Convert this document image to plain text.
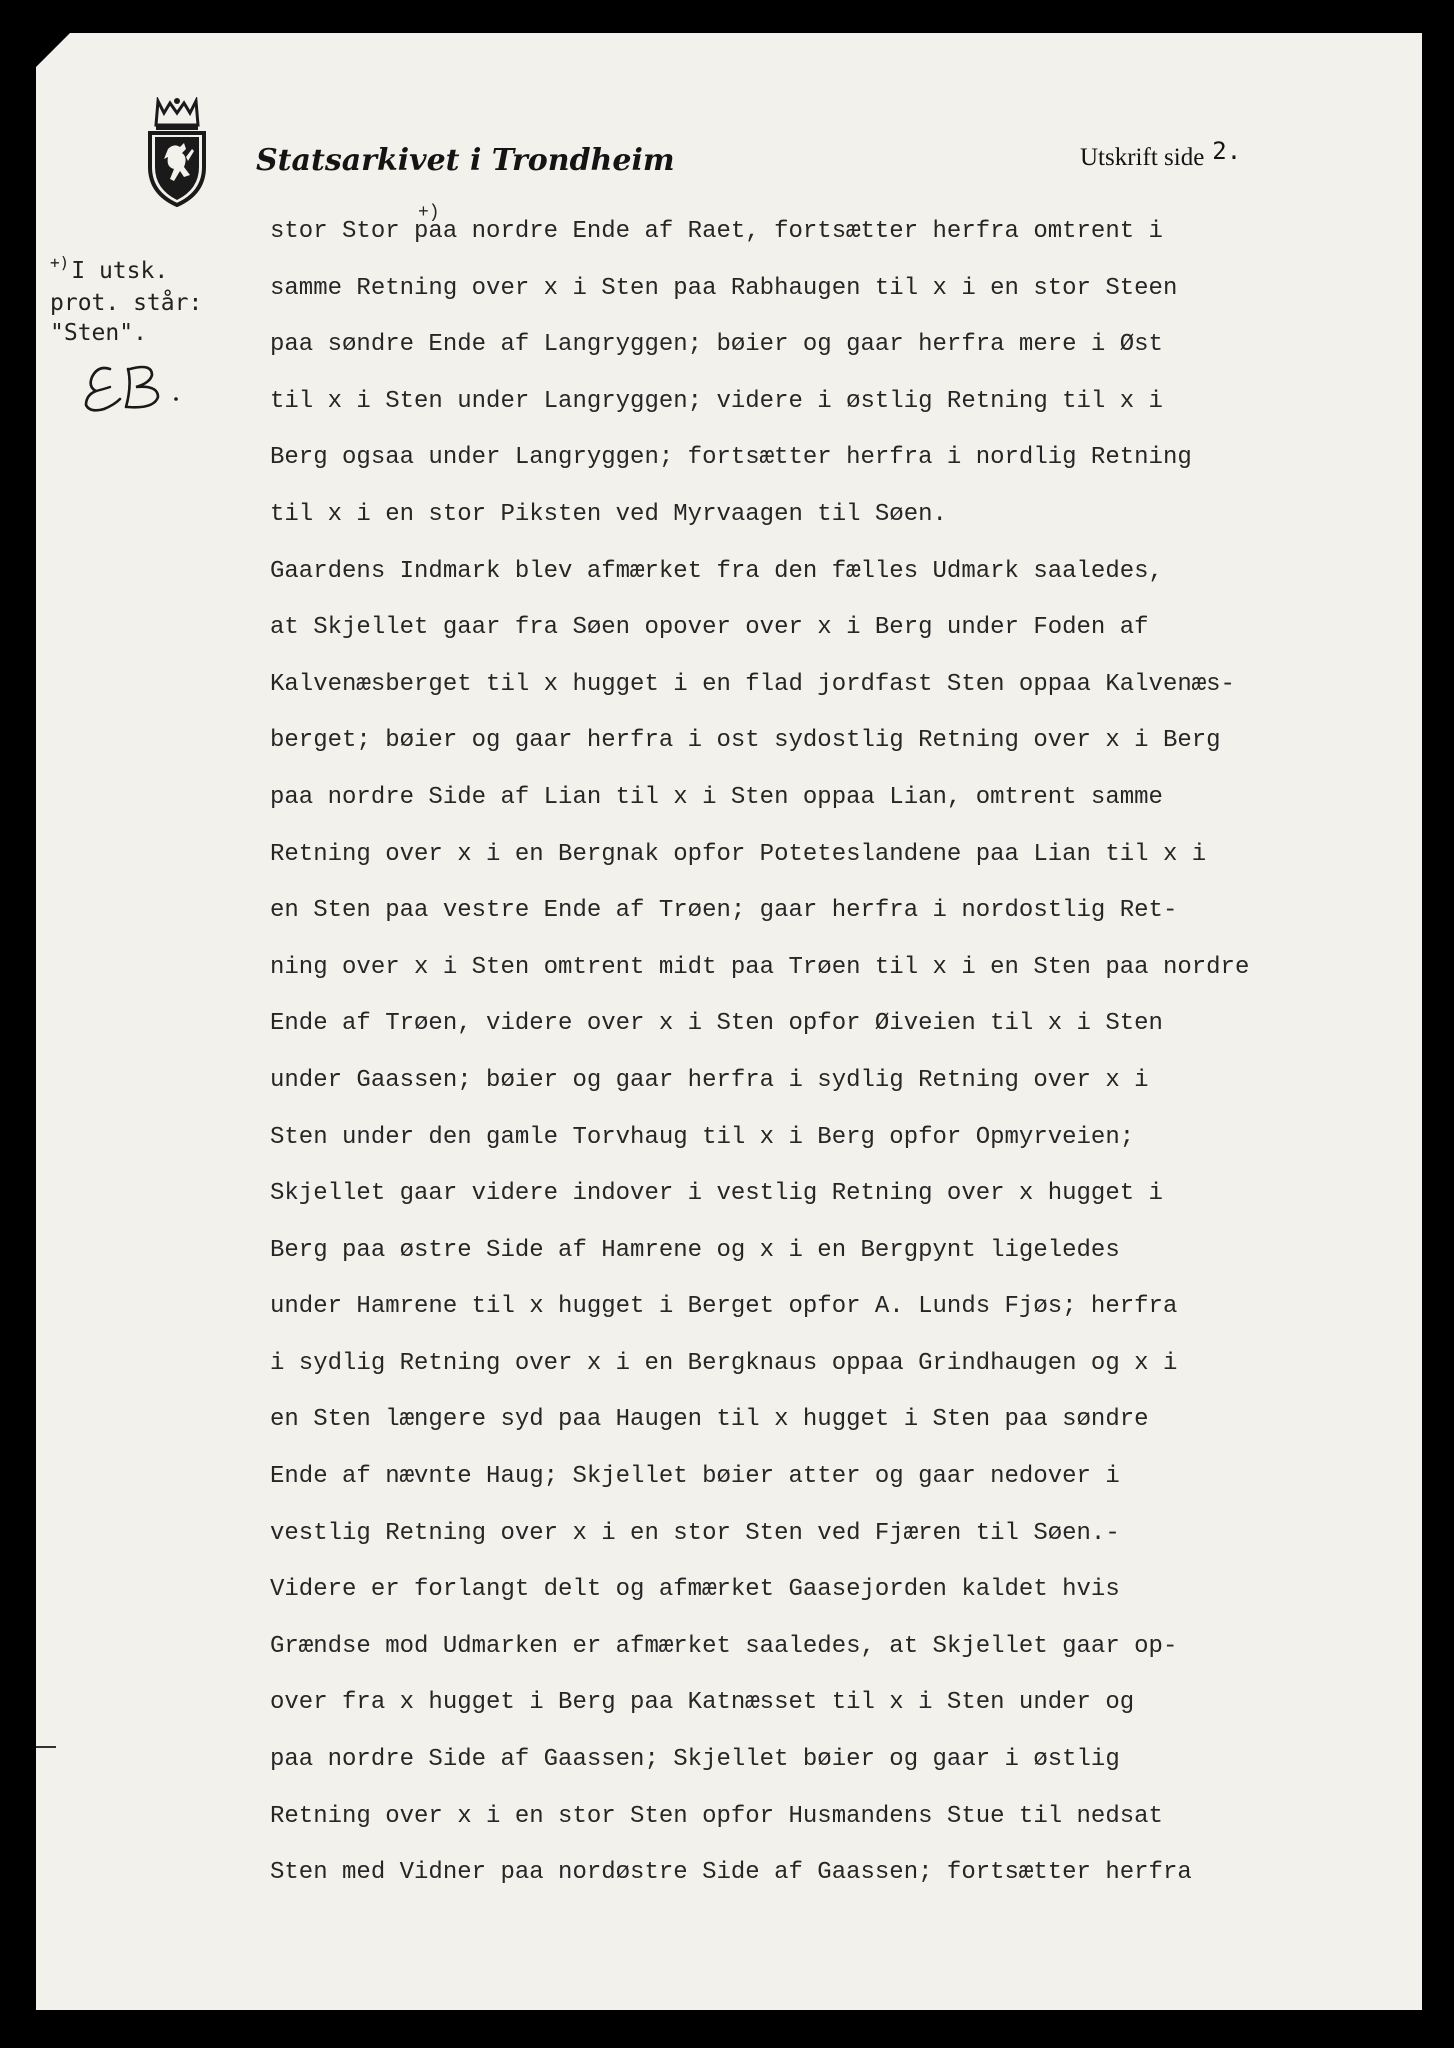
Statsarkivet i Trondheim	Utskrift side 2.
+)I utsk.
prot. står:
"Sten".
+)
stor Stor paa nordre Ende af Raet, fortsætter herfra omtrent i
samme Retning over x i Sten paa Rabhaugen til x i en stor Steen
paa søndre Ende af Langryggen; bøier og gaar herfra mere i Øst
til x i Sten under Langryggen; videre i østlig Retning til x i
Berg ogsaa under Langryggen; fortsætter herfra i nordlig Retning
til x i en stor Piksten ved Myrvaagen til Søen.
Gaardens Indmark blev afmærket fra den fælles Udmark saaledes,
at Skjellet gaar fra Søen opover over x i Berg under Foden af
Kalvenæsberget til x hugget i en flad jordfast Sten oppaa Kalvenæs-
berget; bøier og gaar herfra i ost sydostlig Retning over x i Berg
paa nordre Side af Lian til x i Sten oppaa Lian, omtrent samme
Retning over x i en Bergnak opfor Poteteslandene paa Lian til x i
en Sten paa vestre Ende af Trøen; gaar herfra i nordostlig Ret-
ning over x i Sten omtrent midt paa Trøen til x i en Sten paa nordre
Ende af Trøen, videre over x i Sten opfor Øiveien til x i Sten
under Gaassen; bøier og gaar herfra i sydlig Retning over x i
Sten under den gamle Torvhaug til x i Berg opfor Opmyrveien;
Skjellet gaar videre indover i vestlig Retning over x hugget i
Berg paa østre Side af Hamrene og x i en Bergpynt ligeledes
under Hamrene til x hugget i Berget opfor A. Lunds Fjøs; herfra
i sydlig Retning over x i en Bergknaus oppaa Grindhaugen og x i
en Sten længere syd paa Haugen til x hugget i Sten paa søndre
Ende af nævnte Haug; Skjellet bøier atter og gaar nedover i
vestlig Retning over x i en stor Sten ved Fjæren til Søen.-
Videre er forlangt delt og afmærket Gaasejorden kaldet hvis
Grændse mod Udmarken er afmærket saaledes, at Skjellet gaar op-
over fra x hugget i Berg paa Katnæsset til x i Sten under og
paa nordre Side af Gaassen; Skjellet bøier og gaar i østlig
Retning over x i en stor Sten opfor Husmandens Stue til nedsat
Sten med Vidner paa nordøstre Side af Gaassen; fortsætter herfra
